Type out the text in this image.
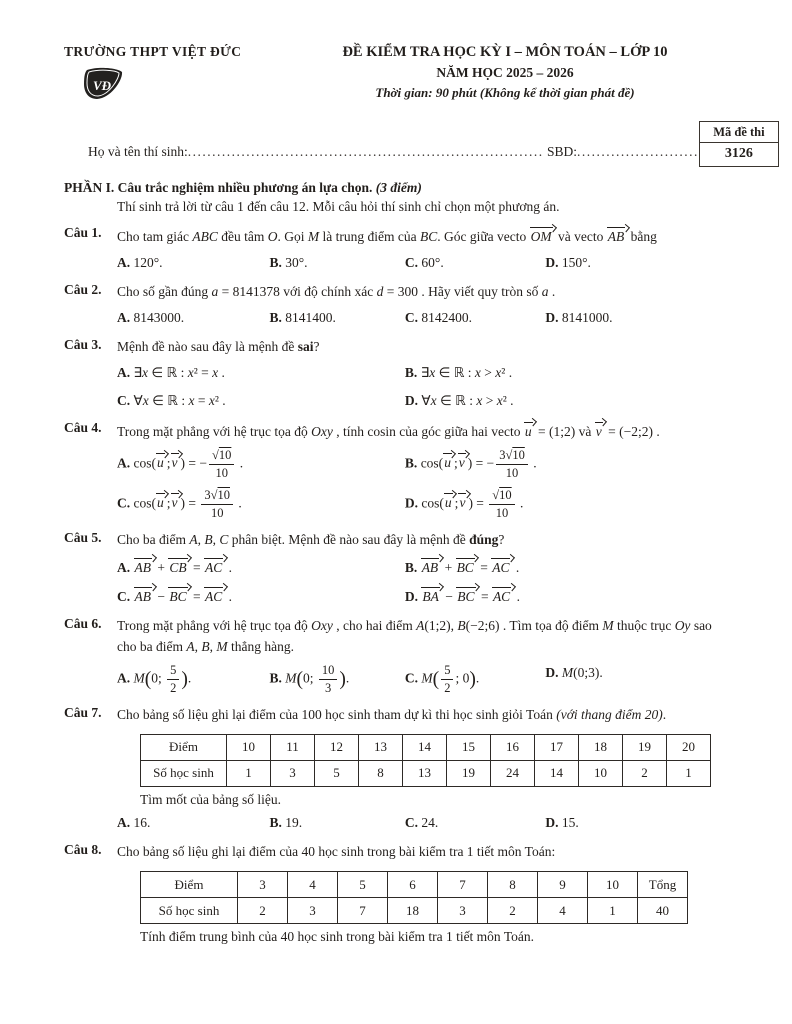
TRƯỜNG THPT VIỆT ĐỨC
VĐ
ĐỀ KIỂM TRA HỌC KỲ I – MÔN TOÁN – LỚP 10
NĂM HỌC 2025 – 2026
Thời gian: 90 phút (Không kể thời gian phát đề)
Họ và tên thí sinh:......................................................................... SBD:.........................
Mã đề thi
3126
PHẦN I. Câu trắc nghiệm nhiều phương án lựa chọn. (3 điểm)
Thí sinh trả lời từ câu 1 đến câu 12. Mỗi câu hỏi thí sinh chỉ chọn một phương án.
Câu 1.	Cho tam giác ABC đều tâm O. Gọi M là trung điểm của BC. Góc giữa vecto OM và vecto AB bằng
A. 120°.	B. 30°.	C. 60°.	D. 150°.
Câu 2.	Cho số gần đúng a = 8141378 với độ chính xác d = 300 . Hãy viết quy tròn số a .
A. 8143000.	B. 8141400.	C. 8142400.	D. 8141000.
Câu 3.	Mệnh đề nào sau đây là mệnh đề sai?
A. ∃x ∈ ℝ : x² = x .	B. ∃x ∈ ℝ : x > x² .
C. ∀x ∈ ℝ : x = x² .	D. ∀x ∈ ℝ : x > x² .
Câu 4.	Trong mặt phẳng với hệ trục tọa độ Oxy , tính cosin của góc giữa hai vecto u = (1;2) và v = (−2;2) .
A. cos(u ;v ) = − $\frac{√10}{10}$ .	B. cos(u ;v ) = − $\frac{3√10}{10}$ .
C. cos(u ;v ) = $\frac{3√10}{10}$ .	D. cos(u ;v ) = $\frac{√10}{10}$ .
Câu 5.	Cho ba điểm A, B, C phân biệt. Mệnh đề nào sau đây là mệnh đề đúng?
A. AB + CB = AC .	B. AB + BC = AC .
C. AB − BC = AC .	D. BA − BC = AC .
Câu 6.	Trong mặt phẳng với hệ trục tọa độ Oxy , cho hai điểm A(1;2), B(−2;6) . Tìm tọa độ điểm M thuộc trục Oy sao cho ba điểm A, B, M thẳng hàng.
A. M(0; $\frac{5}{2}$ ).	B. M(0; $\frac{10}{3}$ ).	C. $M( \frac{5}{2}$ ; 0).	D. M(0;3).
Câu 7.	Cho bảng số liệu ghi lại điểm của 100 học sinh tham dự kì thi học sinh giỏi Toán (với thang điểm 20).
Điểm	10	11	12	13	14	15	16	17	18	19	20
Số học sinh	1	3	5	8	13	19	24	14	10	2	1
Tìm mốt của bảng số liệu.
A. 16.	B. 19.	C. 24.	D. 15.
Câu 8.	Cho bảng số liệu ghi lại điểm của 40 học sinh trong bài kiểm tra 1 tiết môn Toán:
Điểm	3	4	5	6	7	8	9	10	Tổng
Số học sinh	2	3	7	18	3	2	4	1	40
Tính điểm trung bình của 40 học sinh trong bài kiểm tra 1 tiết môn Toán.
